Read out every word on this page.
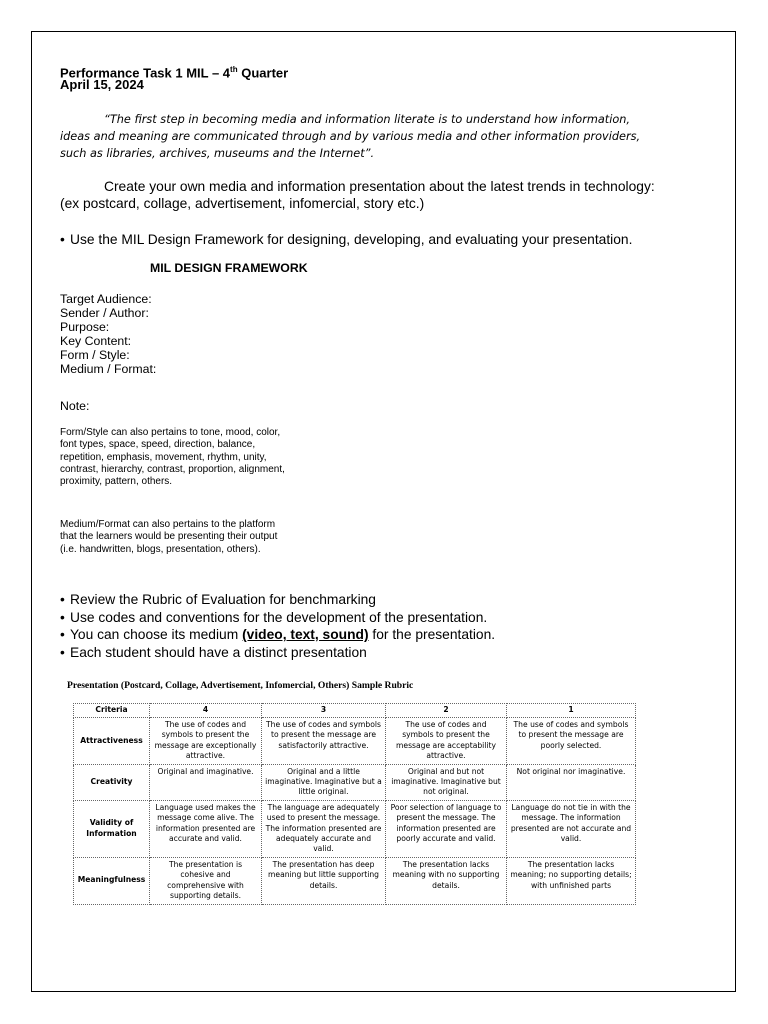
Performance Task 1 MIL – 4th Quarter
April 15, 2024

“The first step in becoming media and information literate is to understand how information, ideas and meaning are communicated through and by various media and other information providers, such as libraries, archives, museums and the Internet”.

Create your own media and information presentation about the latest trends in technology: (ex postcard, collage, advertisement, infomercial, story etc.)

• Use the MIL Design Framework for designing, developing, and evaluating your presentation.
MIL DESIGN FRAMEWORK
Target Audience:
Sender / Author:
Purpose:
Key Content:
Form / Style:
Medium / Format:
Note:

Form/Style can also pertains to tone, mood, color, font types, space, speed, direction, balance, repetition, emphasis, movement, rhythm, unity, contrast, hierarchy, contrast, proportion, alignment, proximity, pattern, others.

Medium/Format can also pertains to the platform that the learners would be presenting their output (i.e. handwritten, blogs, presentation, others).

• Review the Rubric of Evaluation for benchmarking
• Use codes and conventions for the development of the presentation.
• You can choose its medium (video, text, sound) for the presentation.
• Each student should have a distinct presentation
Presentation (Postcard, Collage, Advertisement, Infomercial, Others) Sample Rubric
Criteria	4	3	2	1
Attractiveness	The use of codes and symbols to present the message are exceptionally attractive.	The use of codes and symbols to present the message are satisfactorily attractive.	The use of codes and symbols to present the message are acceptability attractive.	The use of codes and symbols to present the message are poorly selected.
Creativity	Original and imaginative.	Original and a little imaginative. Imaginative but a little original.	Original and but not imaginative. Imaginative but not original.	Not original nor imaginative.
Validity of Information	Language used makes the message come alive. The information presented are accurate and valid.	The language are adequately used to present the message. The information presented are adequately accurate and valid.	Poor selection of language to present the message. The information presented are poorly accurate and valid.	Language do not tie in with the message. The information presented are not accurate and valid.
Meaningfulness	The presentation is cohesive and comprehensive with supporting details.	The presentation has deep meaning but little supporting details.	The presentation lacks meaning with no supporting details.	The presentation lacks meaning; no supporting details; with unfinished parts
